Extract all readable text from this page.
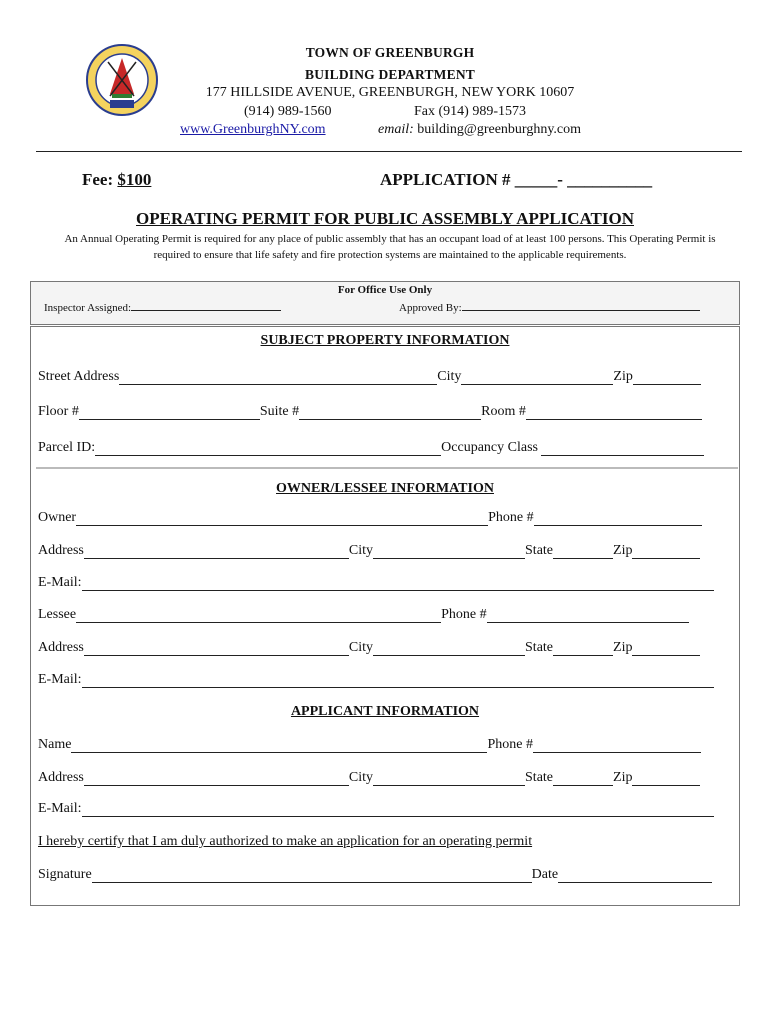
TOWN OF GREENBURGH
BUILDING DEPARTMENT
177 HILLSIDE AVENUE, GREENBURGH, NEW YORK 10607
(914) 989-1560	Fax (914) 989-1573
www.GreenburghNY.com	email: building@greenburghny.com
Fee: $100	APPLICATION # _____- __________
OPERATING PERMIT FOR PUBLIC ASSEMBLY APPLICATION
An Annual Operating Permit is required for any place of public assembly that has an occupant load of at least 100 persons. This Operating Permit is required to ensure that life safety and fire protection systems are maintained to the applicable requirements.
For Office Use Only
Inspector Assigned:	Approved By:
SUBJECT PROPERTY INFORMATION
Street Address	City	Zip
Floor #	Suite #	Room #
Parcel ID:	Occupancy Class

OWNER/LESSEE INFORMATION
Owner	Phone #
Address	City	State	Zip
E-Mail:
Lessee	Phone #
Address	City	State	Zip
E-Mail:
APPLICANT INFORMATION
Name	Phone #
Address	City	State	Zip
E-Mail:
I hereby certify that I am duly authorized to make an application for an operating permit
Signature	Date
